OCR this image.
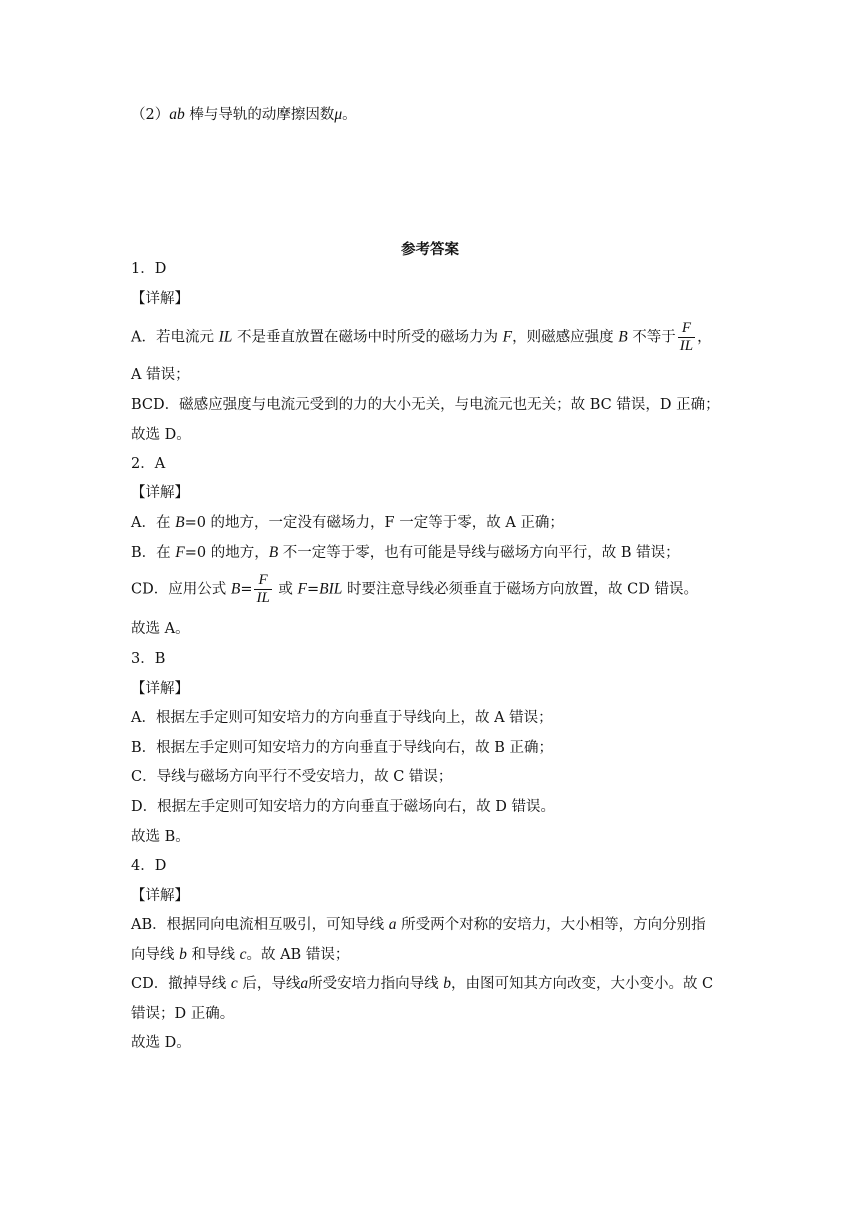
（2）ab 棒与导轨的动摩擦因数μ。
参考答案
1．D
【详解】
A．若电流元 IL 不是垂直放置在磁场中时所受的磁场力为 F，则磁感应强度 B 不等于 $\frac{F}{IL}$ ，
A 错误；
BCD．磁感应强度与电流元受到的力的大小无关，与电流元也无关；故 BC 错误，D 正确；
故选 D。
2．A
【详解】
A．在 B=0 的地方，一定没有磁场力，F 一定等于零，故 A 正确；
B．在 F=0 的地方，B 不一定等于零，也有可能是导线与磁场方向平行，故 B 错误；
CD．应用公式 $B= \frac{F}{IL}$ 或 F=BIL 时要注意导线必须垂直于磁场方向放置，故 CD 错误。
故选 A。
3．B
【详解】
A．根据左手定则可知安培力的方向垂直于导线向上，故 A 错误；
B．根据左手定则可知安培力的方向垂直于导线向右，故 B 正确；
C．导线与磁场方向平行不受安培力，故 C 错误；
D．根据左手定则可知安培力的方向垂直于磁场向右，故 D 错误。
故选 B。
4．D
【详解】
AB．根据同向电流相互吸引，可知导线 a 所受两个对称的安培力，大小相等，方向分别指
向导线 b 和导线 c。故 AB 错误；
CD．撤掉导线 c 后，导线a所受安培力指向导线 b，由图可知其方向改变，大小变小。故 C
错误；D 正确。
故选 D。
